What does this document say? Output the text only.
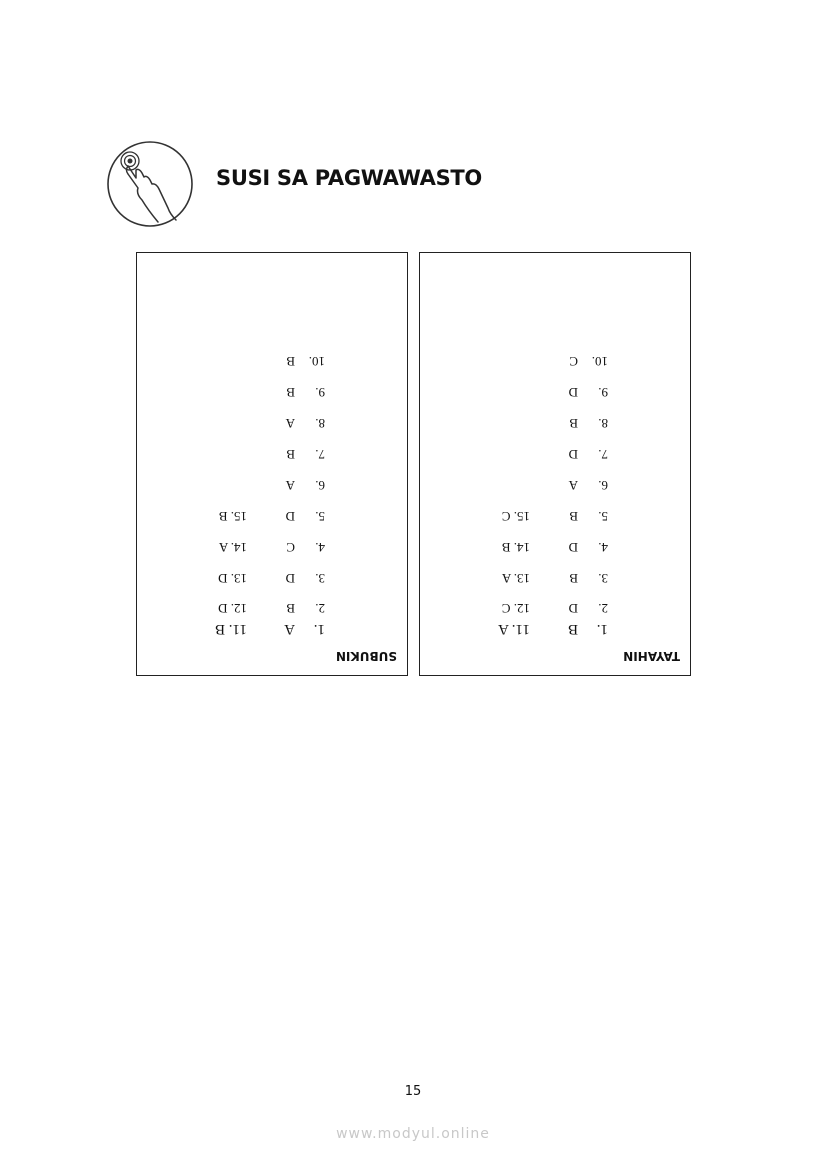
SUSI SA PAGWAWASTO
SUBUKIN
1.A
2.B
3.D
4.C
5.D
6.A
7.B
8.A
9.B
10.B
11. B
12. D
13. D
14. A
15. B
TAYAHIN
1.B
2.D
3.B
4.D
5.B
6.A
7.D
8.B
9.D
10.C
11. A
12. C
13. A
14. B
15. C
15
www.modyul.online
